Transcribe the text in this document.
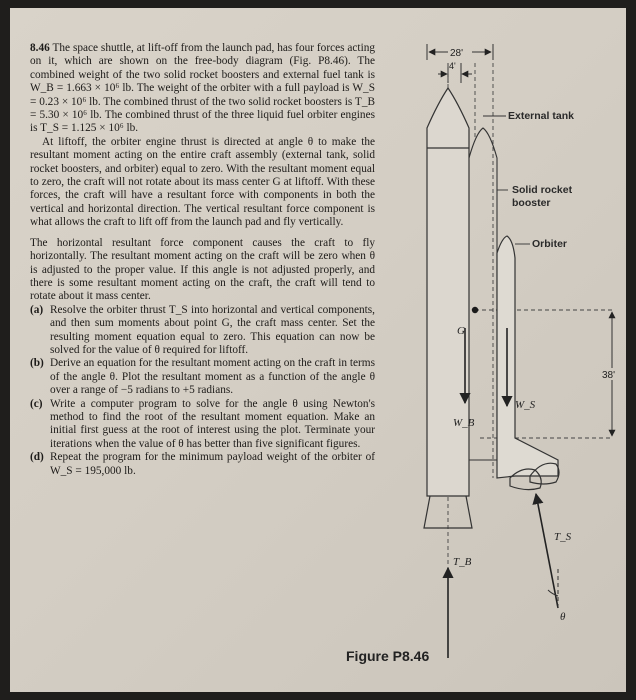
8.46 The space shuttle, at lift-off from the launch pad, has four forces acting on it, which are shown on the free-body diagram (Fig. P8.46). The combined weight of the two solid rocket boosters and external fuel tank is W_B = 1.663 × 10⁶ lb. The weight of the orbiter with a full payload is W_S = 0.23 × 10⁶ lb. The combined thrust of the two solid rocket boosters is T_B = 5.30 × 10⁶ lb. The combined thrust of the three liquid fuel orbiter engines is T_S = 1.125 × 10⁶ lb.

At liftoff, the orbiter engine thrust is directed at angle θ to make the resultant moment acting on the entire craft assembly (external tank, solid rocket boosters, and orbiter) equal to zero. With the resultant moment equal to zero, the craft will not rotate about its mass center G at liftoff. With these forces, the craft will have a resultant force with components in both the vertical and horizontal direction. The vertical resultant force component is what allows the craft to lift off from the launch pad and fly vertically.

The horizontal resultant force component causes the craft to fly horizontally. The resultant moment acting on the craft will be zero when θ is adjusted to the proper value. If this angle is not adjusted properly, and there is some resultant moment acting on the craft, the craft will tend to rotate about it mass center.

(a) Resolve the orbiter thrust T_S into horizontal and vertical components, and then sum moments about point G, the craft mass center. Set the resulting moment equation equal to zero. This equation can now be solved for the value of θ required for liftoff.
(b) Derive an equation for the resultant moment acting on the craft in terms of the angle θ. Plot the resultant moment as a function of the angle θ over a range of −5 radians to +5 radians.
(c) Write a computer program to solve for the angle θ using Newton's method to find the root of the resultant moment equation. Make an initial first guess at the root of interest using the plot. Terminate your iterations when the value of θ has better than five significant figures.
(d) Repeat the program for the minimum payload weight of the orbiter of W_S = 195,000 lb.
28'
4'
G
W_B
W_S
T_B
T_S
θ
38'
External tank
Solid rocket
booster
Orbiter
Figure P8.46
